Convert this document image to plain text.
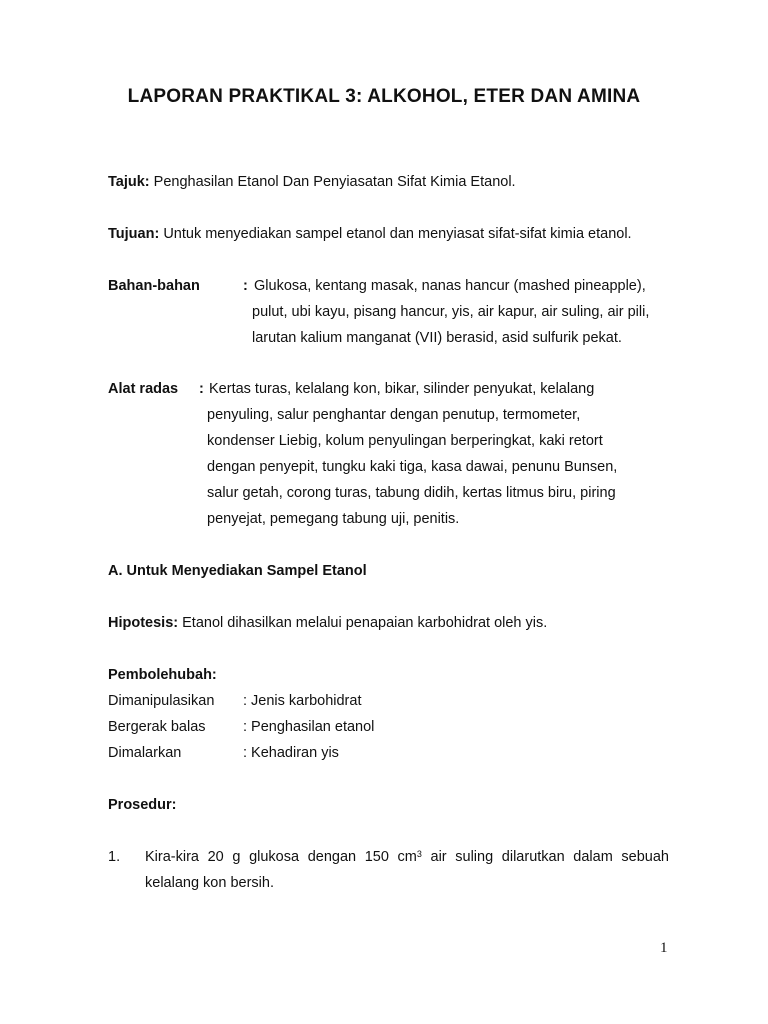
LAPORAN PRAKTIKAL 3: ALKOHOL, ETER DAN AMINA
Tajuk: Penghasilan Etanol Dan Penyiasatan Sifat Kimia Etanol.
Tujuan: Untuk menyediakan sampel etanol dan menyiasat sifat-sifat kimia etanol.
Bahan-bahan	: Glukosa, kentang masak, nanas hancur (mashed pineapple),
pulut, ubi kayu, pisang hancur, yis, air kapur, air suling, air pili,
larutan kalium manganat (VII) berasid, asid sulfurik pekat.
Alat radas : Kertas turas, kelalang kon, bikar, silinder penyukat, kelalang
penyuling, salur penghantar dengan penutup, termometer,
kondenser Liebig, kolum penyulingan berperingkat, kaki retort
dengan penyepit, tungku kaki tiga, kasa dawai, penunu Bunsen,
salur getah, corong turas, tabung didih, kertas litmus biru, piring
penyejat, pemegang tabung uji, penitis.
A. Untuk Menyediakan Sampel Etanol
Hipotesis: Etanol dihasilkan melalui penapaian karbohidrat oleh yis.
Pembolehubah:
Dimanipulasikan : Jenis karbohidrat
Bergerak balas	: Penghasilan etanol
Dimalarkan	: Kehadiran yis
Prosedur:
1. Kira-kira 20 g glukosa dengan 150 $cm^3$ air suling dilarutkan dalam sebuah kelalang kon bersih.
1
